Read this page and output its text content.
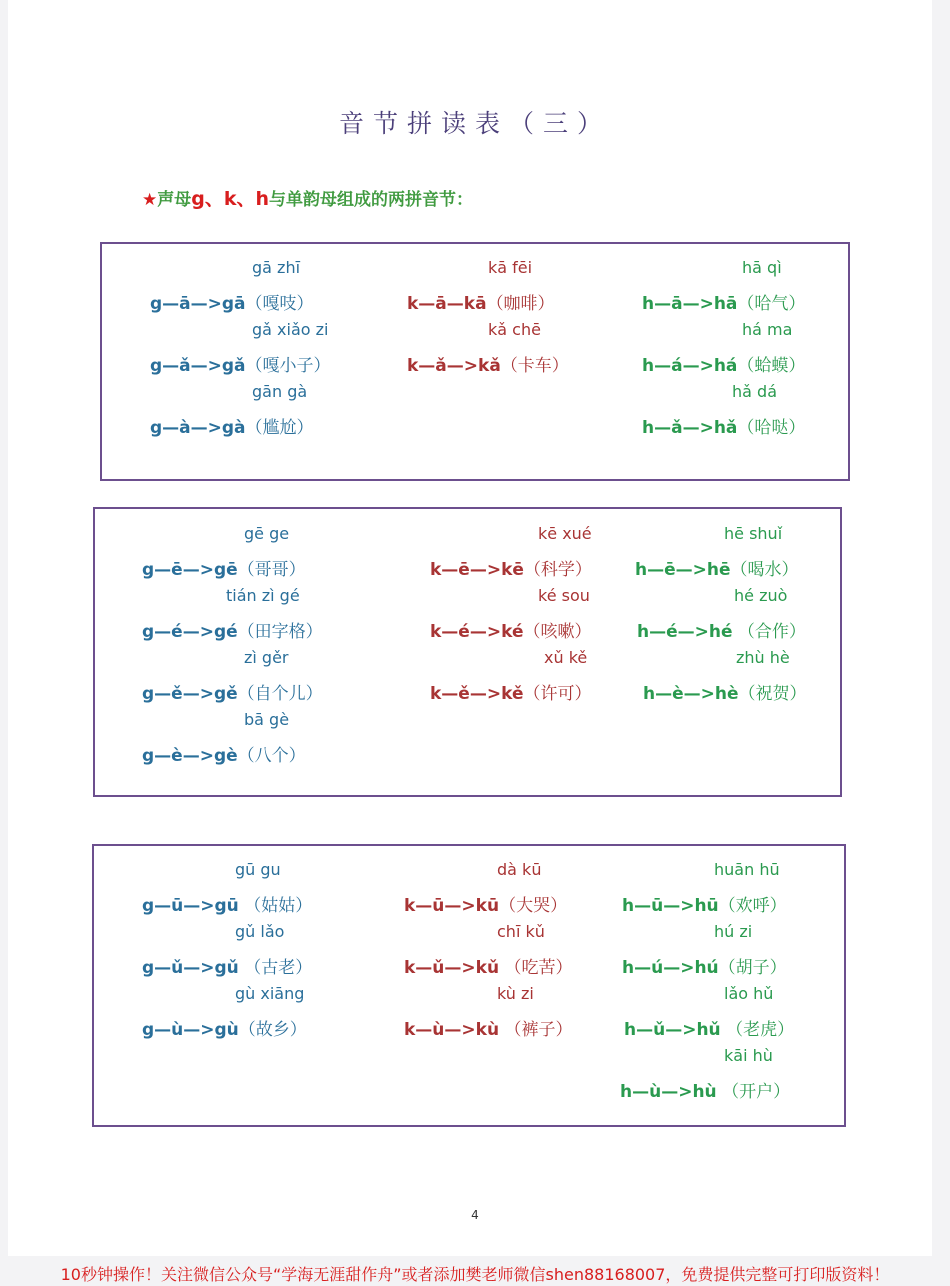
音节拼读表（三）
★声母g、k、h与单韵母组成的两拼音节：
gā zhī
g—ā—>gā（嘎吱）
gǎ xiǎo zi
g—ǎ—>gǎ（嘎小子）
gān gà
g—à—>gà（尴尬）
kā fēi
k—ā—kā（咖啡）
kǎ chē
k—ǎ—>kǎ（卡车）
hā qì
h—ā—>hā（哈气）
há ma
h—á—>há（蛤蟆）
hǎ dá
h—ǎ—>hǎ（哈哒）
gē ge
g—ē—>gē（哥哥）
tián zì gé
g—é—>gé（田字格）
zì gěr
g—ě—>gě（自个儿）
bā gè
g—è—>gè（八个）
kē xué
k—ē—>kē（科学）
ké sou
k—é—>ké（咳嗽）
xǔ kě
k—ě—>kě（许可）
hē shuǐ
h—ē—>hē（喝水）
hé zuò
h—é—>hé （合作）
zhù hè
h—è—>hè（祝贺）
gū gu
g—ū—>gū （姑姑）
gǔ lǎo
g—ǔ—>gǔ （古老）
gù xiāng
g—ù—>gù（故乡）
dà kū
k—ū—>kū（大哭）
chī kǔ
k—ǔ—>kǔ （吃苦）
kù zi
k—ù—>kù （裤子）
huān hū
h—ū—>hū（欢呼）
hú zi
h—ú—>hú（胡子）
lǎo hǔ
h—ǔ—>hǔ （老虎）
kāi hù
h—ù—>hù （开户）
4
10秒钟操作！关注微信公众号“学海无涯甜作舟”或者添加樊老师微信shen88168007，免费提供完整可打印版资料！
